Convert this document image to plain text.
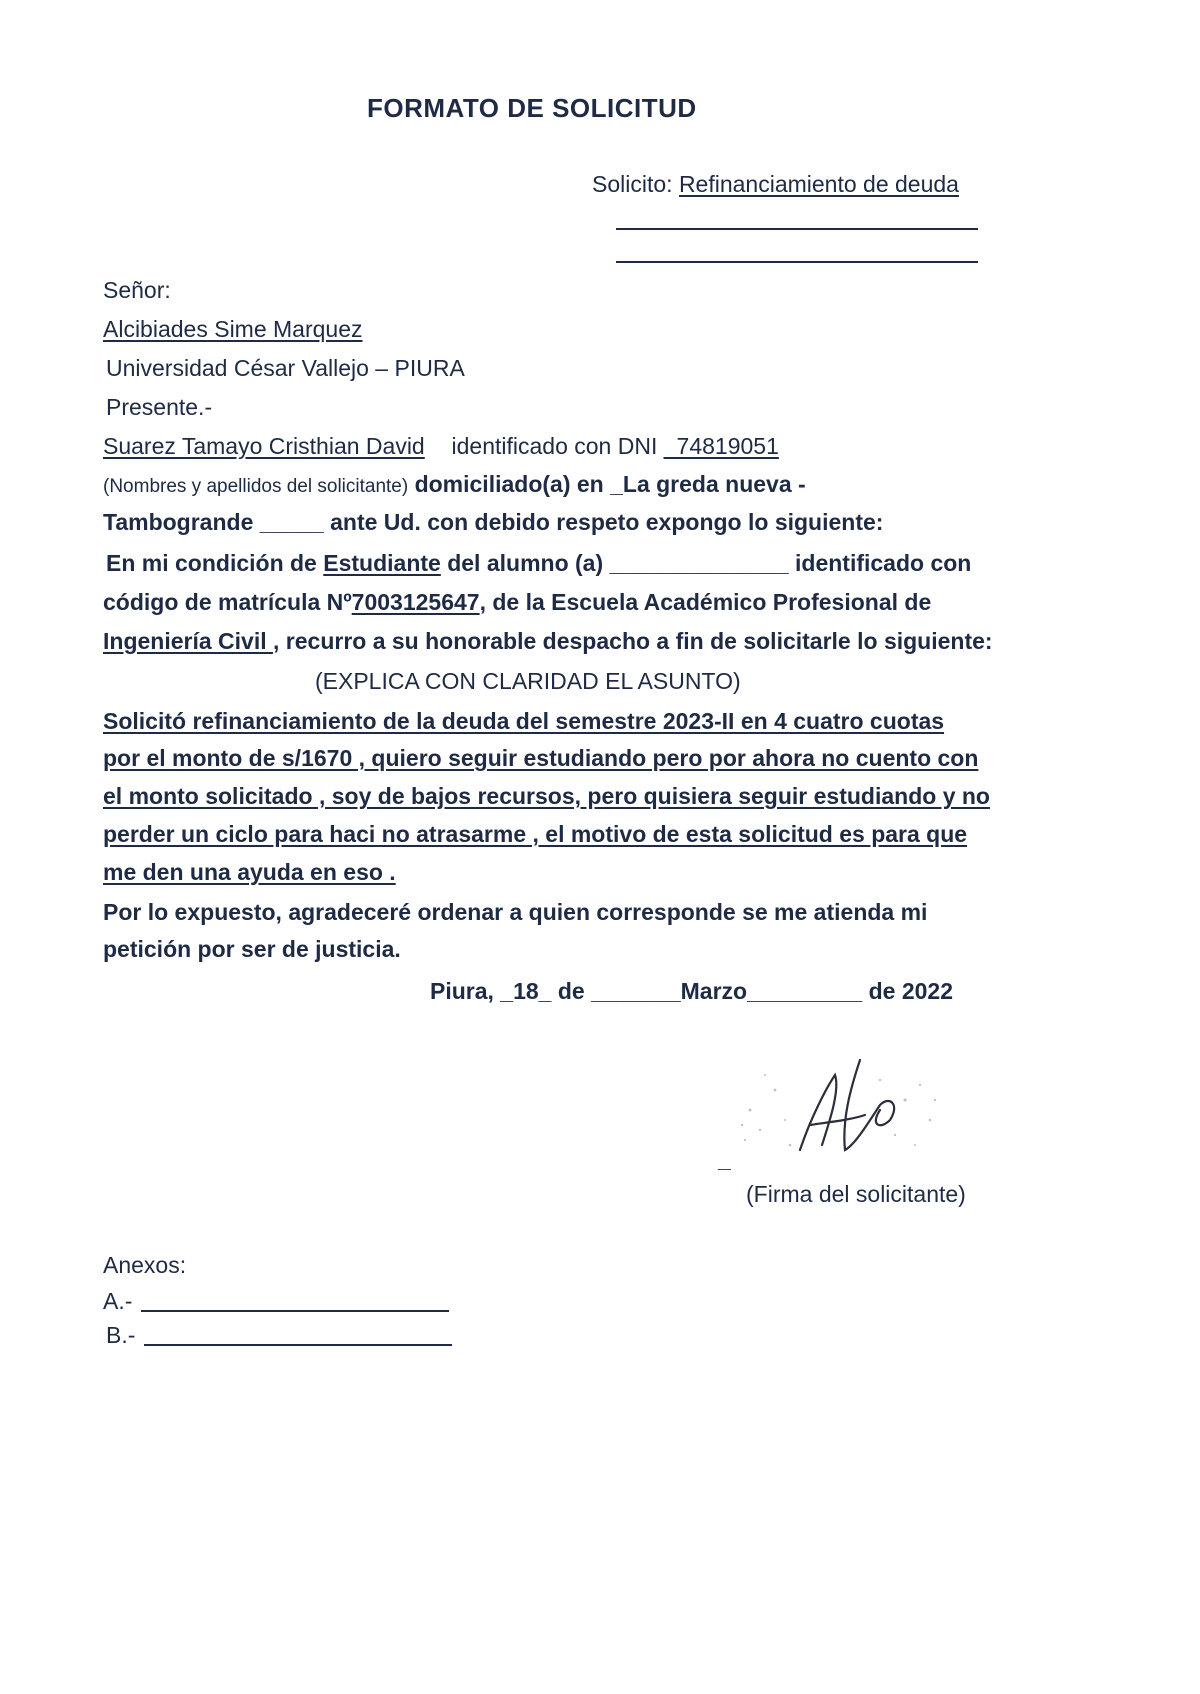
FORMATO DE SOLICITUD
Solicito: Refinanciamiento de deuda
Señor:
Alcibiades Sime Marquez
Universidad César Vallejo – PIURA
Presente.-
Suarez Tamayo Cristhian David identificado con DNI _74819051
(Nombres y apellidos del solicitante) domiciliado(a) en _La greda nueva -
Tambogrande _____ ante Ud. con debido respeto expongo lo siguiente:
En mi condición de Estudiante del alumno (a) ______________ identificado con
código de matrícula Nº7003125647, de la Escuela Académico Profesional de
Ingeniería Civil , recurro a su honorable despacho a fin de solicitarle lo siguiente:
(EXPLICA CON CLARIDAD EL ASUNTO)
Solicitó refinanciamiento de la deuda del semestre 2023-II en 4 cuatro cuotas
por el monto de s/1670 , quiero seguir estudiando pero por ahora no cuento con
el monto solicitado , soy de bajos recursos, pero quisiera seguir estudiando y no
perder un ciclo para haci no atrasarme , el motivo de esta solicitud es para que
me den una ayuda en eso .
Por lo expuesto, agradeceré ordenar a quien corresponde se me atienda mi
petición por ser de justicia.
Piura, _18_ de _______Marzo_________ de 2022
_
(Firma del solicitante)
Anexos:
A.-
B.-
